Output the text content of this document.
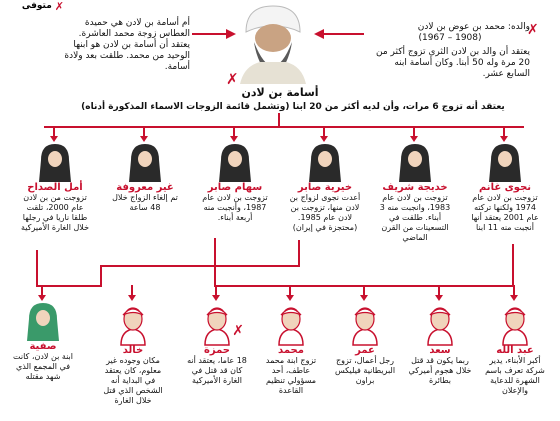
✗
متوفى
أم أسامة بن لادن هي حميدة العطاس زوجة محمد العاشرة. يعتقد أن أسامة بن لادن هو ابنها الوحيد من محمد. طلقت بعد ولادة أسامة.
والده: محمد بن عوض بن لادن
(1908 – 1967)
يعتقد أن والد بن لادن الثري تزوج أكثر من 20 مرة وله 50 أبنا. وكان أسامة ابنه السابع عشر.
✗
✗
أسامة بن لادن
يعتقد أنه تزوج 6 مرات، وأن لديه أكثر من 20 ابنا (وتشمل قائمة الزوجات الاسماء المذكورة أدناه)
نجوى غانم
تزوجت بن لادن عام 1974 ولكنها تركته عام 2001 يعتقد أنها أنجبت منه 11 ابنا
خديجة شريف
تزوجت بن لادن عام 1983، وانجبت منه 3 أبناء. طلقت في التسعينات من القرن الماضي
خيرية صابر
أعدت نجوى لزواج بن لادن منها، تزوجت بن لادن عام 1985. (محتجزة في إيران)
سهام صابر
تزوجت بن لادن عام 1987، وأنجبت منه أربعة أبناء.
غير معروفة
تم إلغاء الزواج خلال 48 ساعة
أمل الصداح
تزوجت من بن لادن عام 2000، تلقت طلقا ناريا في رجلها خلال الغارة الأميركية
عبد الله
أكبر الأبناء، يدير شركة تعرف باسم الشهرة للدعاية والإعلان
سعد
ربما يكون قد قتل خلال هجوم أميركي بطائرة
عمر
رجل أعمال، تزوج البريطانية فيليكس براون
محمد
تزوج ابنة محمد عاطف، أحد مسؤولي تنظيم القاعدة
✗
حمزة
18 عاما، يعتقد أنه كان قد قتل في الغارة الأميركية
خالد
مكان وجوده غير معلوم، كان يعتقد في البداية أنه الشخص الذي قتل خلال الغارة
صفية
ابنة بن لادن، كانت في المجمع الذي شهد مقتله
